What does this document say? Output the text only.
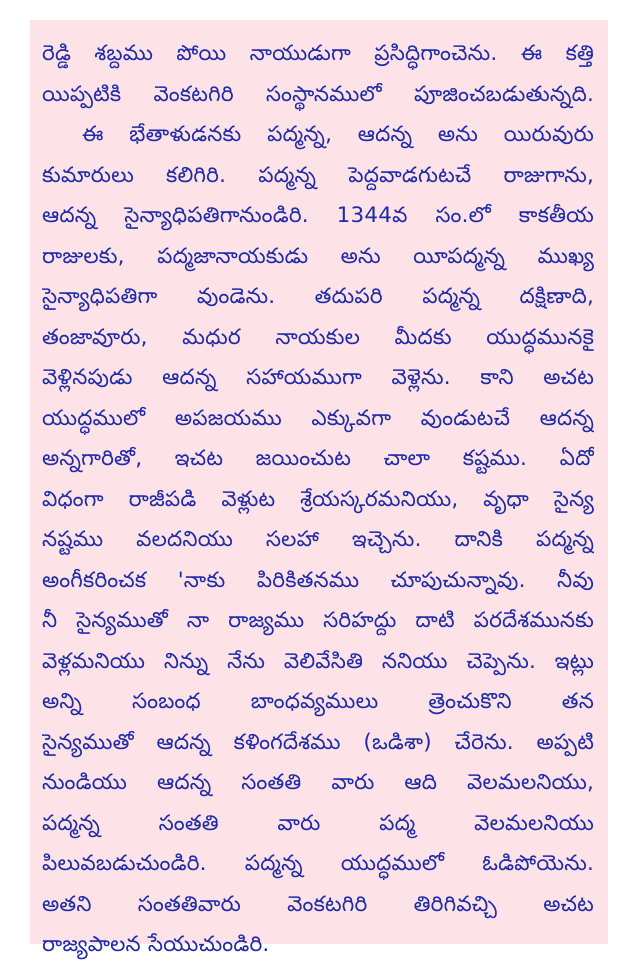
రెడ్డి శబ్దము పోయి నాయుడుగా ప్రసిద్ధిగాంచెను. ఈ కత్తి
యిప్పటికి వెంకటగిరి సంస్థానములో పూజించబడుతున్నది.
ఈ భేతాళుడనకు పద్మన్న, ఆదన్న అను యిరువురు
కుమారులు కలిగిరి. పద్మన్న పెద్దవాడగుటచే రాజుగాను,
ఆదన్న సైన్యాధిపతిగానుండిరి. 1344వ సం.లో కాకతీయ
రాజులకు, పద్మజానాయకుడు అను యీపద్మన్న ముఖ్య
సైన్యాధిపతిగా వుండెను. తదుపరి పద్మన్న దక్షిణాది,
తంజావూరు, మధుర నాయకుల మీదకు యుద్ధమునకై
వెళ్లినపుడు ఆదన్న సహాయముగా వెళ్లెను. కాని అచట
యుద్ధములో అపజయము ఎక్కువగా వుండుటచే ఆదన్న
అన్నగారితో, ఇచట జయించుట చాలా కష్టము. ఏదో
విధంగా రాజీపడి వెళ్లుట శ్రేయస్కరమనియు, వృధా సైన్య
నష్టము వలదనియు సలహా ఇచ్చెను. దానికి పద్మన్న
అంగీకరించక 'నాకు పిరికితనము చూపుచున్నావు. నీవు
నీ సైన్యముతో నా రాజ్యము సరిహద్దు దాటి పరదేశమునకు
వెళ్లమనియు నిన్ను నేను వెలివేసితి ననియు చెప్పెను. ఇట్లు
అన్ని సంబంధ బాంధవ్యములు త్రెంచుకొని తన
సైన్యముతో ఆదన్న కళింగదేశము (ఒడిశా) చేరెను. అప్పటి
నుండియు ఆదన్న సంతతి వారు ఆది వెలమలనియు,
పద్మన్న సంతతి వారు పద్మ వెలమలనియు
పిలువబడుచుండిరి. పద్మన్న యుద్ధములో ఓడిపోయెను.
అతని సంతతివారు వెంకటగిరి తిరిగివచ్చి అచట
రాజ్యపాలన సేయుచుండిరి.
